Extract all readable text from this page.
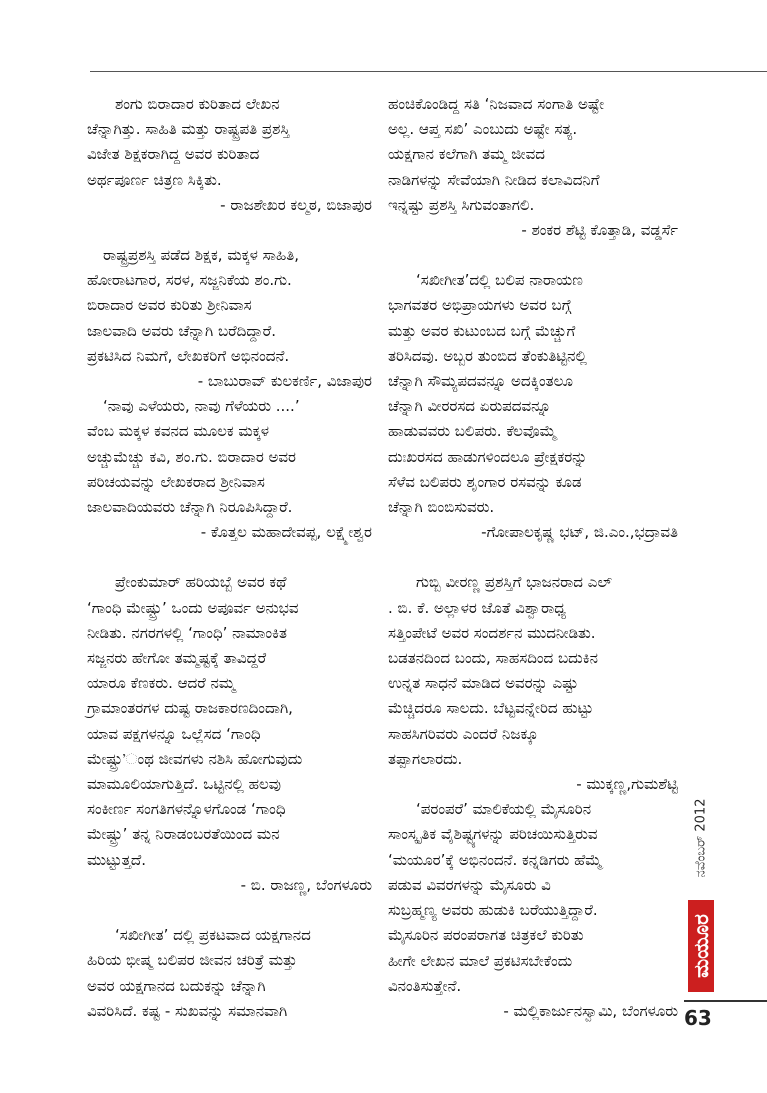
ಶಂಗು ಬಿರಾದಾರ ಕುರಿತಾದ ಲೇಖನ
ಚೆನ್ನಾಗಿತ್ತು. ಸಾಹಿತಿ ಮತ್ತು ರಾಷ್ಟ್ರಪತಿ ಪ್ರಶಸ್ತಿ
ವಿಜೇತ ಶಿಕ್ಷಕರಾಗಿದ್ದ ಅವರ ಕುರಿತಾದ
ಅರ್ಥಪೂರ್ಣ ಚಿತ್ರಣ ಸಿಕ್ಕಿತು.
- ರಾಜಶೇಖರ ಕಲ್ಮಠ, ಬಿಜಾಪುರ
ರಾಷ್ಟ್ರಪ್ರಶಸ್ತಿ ಪಡೆದ ಶಿಕ್ಷಕ, ಮಕ್ಕಳ ಸಾಹಿತಿ,
ಹೋರಾಟಗಾರ, ಸರಳ, ಸಜ್ಜನಿಕೆಯ ಶಂ.ಗು.
ಬಿರಾದಾರ ಅವರ ಕುರಿತು ಶ್ರೀನಿವಾಸ
ಜಾಲವಾದಿ ಅವರು ಚೆನ್ನಾಗಿ ಬರೆದಿದ್ದಾರೆ.
ಪ್ರಕಟಿಸಿದ ನಿಮಗೆ, ಲೇಖಕರಿಗೆ ಅಭಿನಂದನೆ.
- ಬಾಬುರಾವ್ ಕುಲಕರ್ಣಿ, ವಿಜಾಪುರ
‘ನಾವು ಎಳೆಯರು, ನಾವು ಗೆಳೆಯರು ....’
ವೆಂಬ ಮಕ್ಕಳ ಕವನದ ಮೂಲಕ ಮಕ್ಕಳ
ಅಚ್ಚುಮೆಚ್ಚು ಕವಿ, ಶಂ.ಗು. ಬಿರಾದಾರ ಅವರ
ಪರಿಚಯವನ್ನು ಲೇಖಕರಾದ ಶ್ರೀನಿವಾಸ
ಜಾಲವಾದಿಯವರು ಚೆನ್ನಾಗಿ ನಿರೂಪಿಸಿದ್ದಾರೆ.
- ಕೊತ್ತಲ ಮಹಾದೇವಪ್ಪ, ಲಕ್ಷ್ಮೇಶ್ವರ
ಪ್ರೇಂಕುಮಾರ್ ಹರಿಯಬ್ಬೆ ಅವರ ಕಥೆ
‘ಗಾಂಧಿ ಮೇಷ್ಟ್ರು’ ಒಂದು ಅಪೂರ್ವ ಅನುಭವ
ನೀಡಿತು. ನಗರಗಳಲ್ಲಿ ‘ಗಾಂಧಿ’ ನಾಮಾಂಕಿತ
ಸಜ್ಜನರು ಹೇಗೋ ತಮ್ಮಷ್ಟಕ್ಕೆ ತಾವಿದ್ದರೆ
ಯಾರೂ ಕೆಣಕರು. ಆದರೆ ನಮ್ಮ
ಗ್ರಾಮಾಂತರಗಳ ದುಷ್ಟ ರಾಜಕಾರಣದಿಂದಾಗಿ,
ಯಾವ ಪಕ್ಷಗಳನ್ನೂ ಒಲ್ಲೆಸದ ‘ಗಾಂಧಿ
ಮೇಷ್ಟ್ರು’ಂಥ ಜೀವಗಳು ನಶಿಸಿ ಹೋಗುವುದು
ಮಾಮೂಲಿಯಾಗುತ್ತಿದೆ. ಒಟ್ಟಿನಲ್ಲಿ ಹಲವು
ಸಂಕೀರ್ಣ ಸಂಗತಿಗಳನ್ನೊಳಗೊಂಡ ‘ಗಾಂಧಿ
ಮೇಷ್ಟ್ರು’ ತನ್ನ ನಿರಾಡಂಬರತೆಯಿಂದ ಮನ
ಮುಟ್ಟುತ್ತದೆ.
- ಬಿ. ರಾಜಣ್ಣ, ಬೆಂಗಳೂರು
‘ಸಖೀಗೀತ’ ದಲ್ಲಿ ಪ್ರಕಟವಾದ ಯಕ್ಷಗಾನದ
ಹಿರಿಯ ಭೀಷ್ಮ ಬಲಿಪರ ಜೀವನ ಚರಿತ್ರೆ ಮತ್ತು
ಅವರ ಯಕ್ಷಗಾನದ ಬದುಕನ್ನು ಚೆನ್ನಾಗಿ
ವಿವರಿಸಿದೆ. ಕಷ್ಟ - ಸುಖವನ್ನು ಸಮಾನವಾಗಿ
ಹಂಚಿಕೊಂಡಿದ್ದ ಸತಿ ‘ನಿಜವಾದ ಸಂಗಾತಿ ಅಷ್ಟೇ
ಅಲ್ಲ. ಆಪ್ತ ಸಖಿ’ ಎಂಬುದು ಅಷ್ಟೇ ಸತ್ಯ.
ಯಕ್ಷಗಾನ ಕಲೆಗಾಗಿ ತಮ್ಮ ಜೀವದ
ನಾಡಿಗಳನ್ನು ಸೇವೆಯಾಗಿ ನೀಡಿದ ಕಲಾವಿದನಿಗೆ
ಇನ್ನಷ್ಟು ಪ್ರಶಸ್ತಿ ಸಿಗುವಂತಾಗಲಿ.
- ಶಂಕರ ಶೆಟ್ಟಿ ಕೊತ್ತಾಡಿ, ವಡ್ಡರ್ಸೆ
‘ಸಖೀಗೀತ’ದಲ್ಲಿ ಬಲಿಪ ನಾರಾಯಣ
ಭಾಗವತರ ಅಭಿಪ್ರಾಯಗಳು ಅವರ ಬಗ್ಗೆ
ಮತ್ತು ಅವರ ಕುಟುಂಬದ ಬಗ್ಗೆ ಮೆಚ್ಚುಗೆ
ತರಿಸಿದವು. ಅಬ್ಬರ ತುಂಬಿದ ತೆಂಕುತಿಟ್ಟಿನಲ್ಲಿ
ಚೆನ್ನಾಗಿ ಸೌಮ್ಯಪದವನ್ನೂ ಅದಕ್ಕಿಂತಲೂ
ಚೆನ್ನಾಗಿ ವೀರರಸದ ಏರುಪದವನ್ನೂ
ಹಾಡುವವರು ಬಲಿಪರು. ಕೆಲವೊಮ್ಮೆ
ದುಃಖರಸದ ಹಾಡುಗಳಿಂದಲೂ ಪ್ರೇಕ್ಷಕರನ್ನು
ಸೆಳೆವ ಬಲಿಪರು ಶೃಂಗಾರ ರಸವನ್ನು ಕೂಡ
ಚೆನ್ನಾಗಿ ಬಿಂಬಿಸುವರು.
-ಗೋಪಾಲಕೃಷ್ಣ ಭಟ್, ಜಿ.ಎಂ.,ಭದ್ರಾವತಿ
ಗುಬ್ಬಿ ವೀರಣ್ಣ ಪ್ರಶಸ್ತಿಗೆ ಭಾಜನರಾದ ಎಲ್
. ಬಿ. ಕೆ. ಅಲ್ಲಾಳರ ಜೊತೆ ವಿಶ್ವಾರಾಧ್ಯ
ಸತ್ತಿಂಪೇಟೆ ಅವರ ಸಂದರ್ಶನ ಮುದನೀಡಿತು.
ಬಡತನದಿಂದ ಬಂದು, ಸಾಹಸದಿಂದ ಬದುಕಿನ
ಉನ್ನತ ಸಾಧನೆ ಮಾಡಿದ ಅವರನ್ನು ಎಷ್ಟು
ಮೆಚ್ಚಿದರೂ ಸಾಲದು. ಬೆಟ್ಟವನ್ನೇರಿದ ಹುಟ್ಟು
ಸಾಹಸಿಗರಿವರು ಎಂದರೆ ನಿಜಕ್ಕೂ
ತಪ್ಪಾಗಲಾರದು.
- ಮುಕ್ಕಣ್ಣ,ಗುಮಶೆಟ್ಟಿ
‘ಪರಂಪರೆ’ ಮಾಲಿಕೆಯಲ್ಲಿ ಮೈಸೂರಿನ
ಸಾಂಸ್ಕೃತಿಕ ವೈಶಿಷ್ಟ್ಯಗಳನ್ನು ಪರಿಚಯಿಸುತ್ತಿರುವ
‘ಮಯೂರ’ಕ್ಕೆ ಅಭಿನಂದನೆ. ಕನ್ನಡಿಗರು ಹೆಮ್ಮೆ
ಪಡುವ ವಿವರಗಳನ್ನು ಮೈಸೂರು ವಿ
ಸುಬ್ರಹ್ಮಣ್ಯ ಅವರು ಹುಡುಕಿ ಬರೆಯುತ್ತಿದ್ದಾರೆ.
ಮೈಸೂರಿನ ಪರಂಪರಾಗತ ಚಿತ್ರಕಲೆ ಕುರಿತು
ಹೀಗೇ ಲೇಖನ ಮಾಲೆ ಪ್ರಕಟಿಸಬೇಕೆಂದು
ವಿನಂತಿಸುತ್ತೇನೆ.
- ಮಲ್ಲಿಕಾರ್ಜುನಸ್ವಾಮಿ, ಬೆಂಗಳೂರು
ನವೆಂಬರ್ 2012
ಮಯೂರ
63
